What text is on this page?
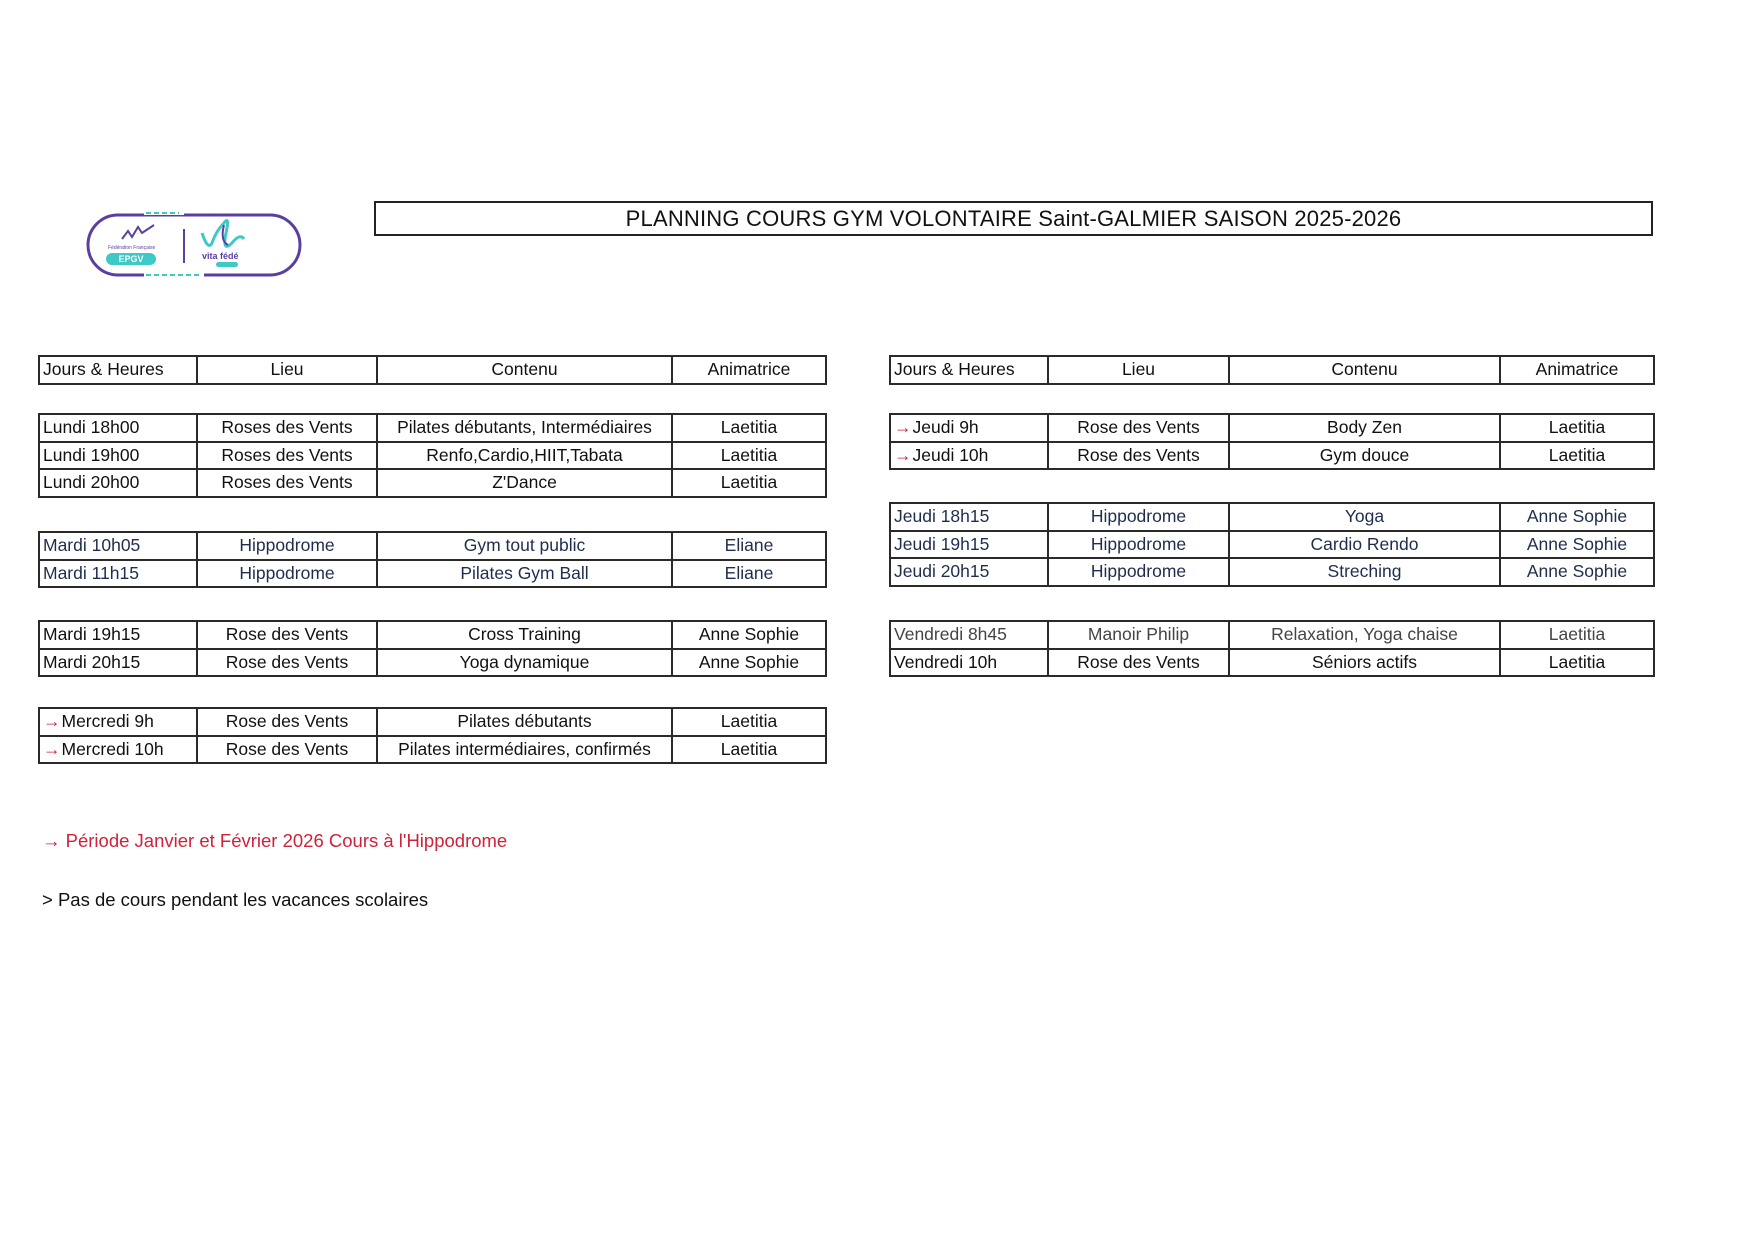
Fédération Française
EPGV	vita fédé
PLANNING COURS GYM VOLONTAIRE Saint-GALMIER SAISON 2025-2026
Jours & Heures	Lieu	Contenu	Animatrice	Jours & Heures	Lieu	Contenu	Animatrice
Lundi 18h00	Roses des Vents	Pilates débutants, Intermédiaires	Laetitia
Lundi 19h00	Roses des Vents	Renfo,Cardio,HIIT,Tabata	Laetitia
Lundi 20h00	Roses des Vents	Z'Dance	Laetitia
Mardi 10h05	Hippodrome	Gym tout public	Eliane
Mardi 11h15	Hippodrome	Pilates Gym Ball	Eliane
Mardi 19h15	Rose des Vents	Cross Training	Anne Sophie
Mardi 20h15	Rose des Vents	Yoga dynamique	Anne Sophie
→Mercredi 9h	Rose des Vents	Pilates débutants	Laetitia
→Mercredi 10h	Rose des Vents	Pilates intermédiaires, confirmés	Laetitia
→Jeudi 9h	Rose des Vents	Body Zen	Laetitia
→Jeudi 10h	Rose des Vents	Gym douce	Laetitia
Jeudi 18h15	Hippodrome	Yoga	Anne Sophie
Jeudi 19h15	Hippodrome	Cardio Rendo	Anne Sophie
Jeudi 20h15	Hippodrome	Streching	Anne Sophie
Vendredi 8h45	Manoir Philip	Relaxation, Yoga chaise	Laetitia
Vendredi 10h	Rose des Vents	Séniors actifs	Laetitia
→ Période Janvier et Février 2026 Cours à l'Hippodrome
> Pas de cours pendant les vacances scolaires
